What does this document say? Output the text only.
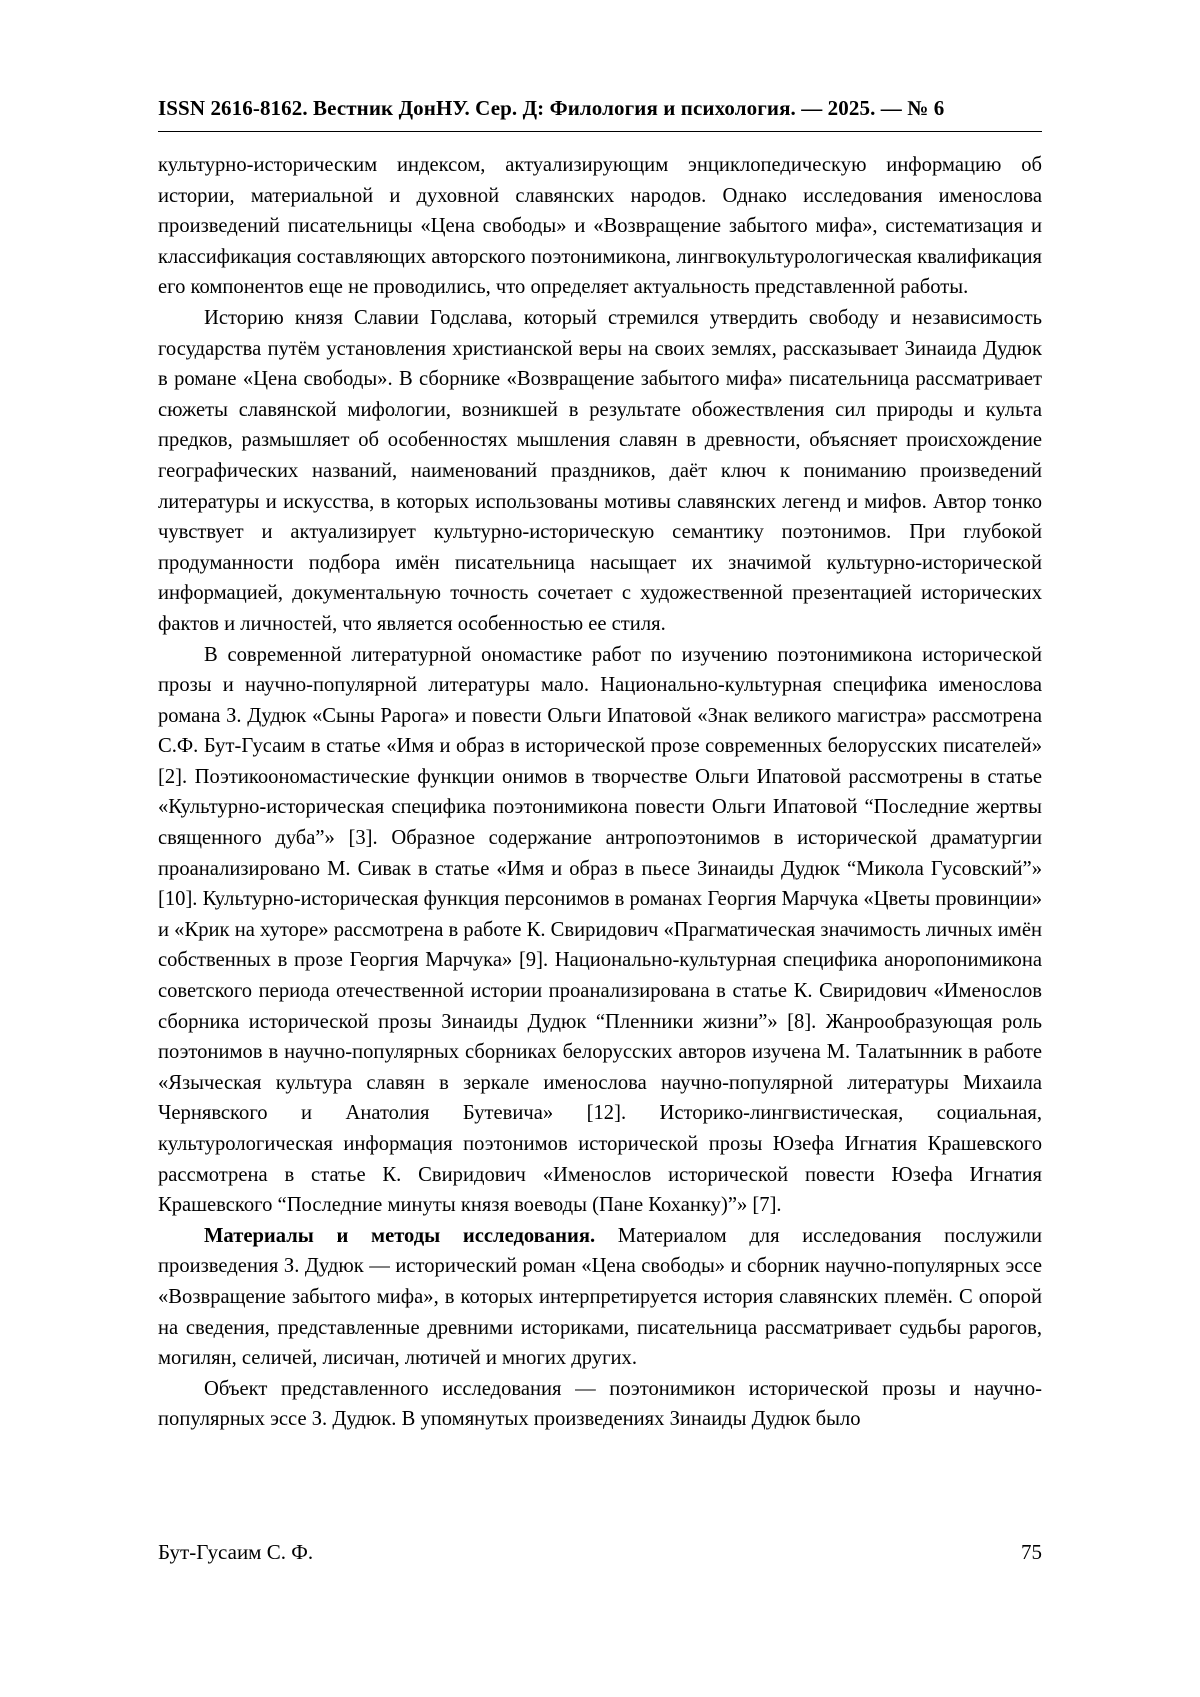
ISSN 2616-8162. Вестник ДонНУ. Сер. Д: Филология и психология. — 2025. — № 6

культурно-историческим индексом, актуализирующим энциклопедическую информацию об истории, материальной и духовной славянских народов. Однако исследования именослова произведений писательницы «Цена свободы» и «Возвращение забытого мифа», систематизация и классификация составляющих авторского поэтонимикона, лингвокультурологическая квалификация его компонентов еще не проводились, что определяет актуальность представленной работы.

Историю князя Славии Годслава, который стремился утвердить свободу и независимость государства путём установления христианской веры на своих землях, рассказывает Зинаида Дудюк в романе «Цена свободы». В сборнике «Возвращение забытого мифа» писательница рассматривает сюжеты славянской мифологии, возникшей в результате обожествления сил природы и культа предков, размышляет об особенностях мышления славян в древности, объясняет происхождение географических названий, наименований праздников, даёт ключ к пониманию произведений литературы и искусства, в которых использованы мотивы славянских легенд и мифов. Автор тонко чувствует и актуализирует культурно-историческую семантику поэтонимов. При глубокой продуманности подбора имён писательница насыщает их значимой культурно-исторической информацией, документальную точность сочетает с художественной презентацией исторических фактов и личностей, что является особенностью ее стиля.

В современной литературной ономастике работ по изучению поэтонимикона исторической прозы и научно-популярной литературы мало. Национально-культурная специфика именослова романа З. Дудюк «Сыны Рарога» и повести Ольги Ипатовой «Знак великого магистра» рассмотрена С.Ф. Бут-Гусаим в статье «Имя и образ в исторической прозе современных белорусских писателей» [2]. Поэтикоономастические функции онимов в творчестве Ольги Ипатовой рассмотрены в статье «Культурно-историческая специфика поэтонимикона повести Ольги Ипатовой “Последние жертвы священного дуба”» [3]. Образное содержание антропоэтонимов в исторической драматургии проанализировано М. Сивак в статье «Имя и образ в пьесе Зинаиды Дудюк “Микола Гусовский”» [10]. Культурно-историческая функция персонимов в романах Георгия Марчука «Цветы провинции» и «Крик на хуторе» рассмотрена в работе К. Свиридович «Прагматическая значимость личных имён собственных в прозе Георгия Марчука» [9]. Национально-культурная специфика аноропонимикона советского периода отечественной истории проанализирована в статье К. Свиридович «Именослов сборника исторической прозы Зинаиды Дудюк “Пленники жизни”» [8]. Жанрообразующая роль поэтонимов в научно-популярных сборниках белорусских авторов изучена М. Талатынник в работе «Языческая культура славян в зеркале именослова научно-популярной литературы Михаила Чернявского и Анатолия Бутевича» [12]. Историко-лингвистическая, социальная, культурологическая информация поэтонимов исторической прозы Юзефа Игнатия Крашевского рассмотрена в статье К. Свиридович «Именослов исторической повести Юзефа Игнатия Крашевского “Последние минуты князя воеводы (Пане Коханку)”» [7].

Материалы и методы исследования. Материалом для исследования послужили произведения З. Дудюк — исторический роман «Цена свободы» и сборник научно-популярных эссе «Возвращение забытого мифа», в которых интерпретируется история славянских племён. С опорой на сведения, представленные древними историками, писательница рассматривает судьбы рарогов, могилян, селичей, лисичан, лютичей и многих других.

Объект представленного исследования — поэтонимикон исторической прозы и научно-популярных эссе З. Дудюк. В упомянутых произведениях Зинаиды Дудюк было

Бут-Гусаим С. Ф.	75
